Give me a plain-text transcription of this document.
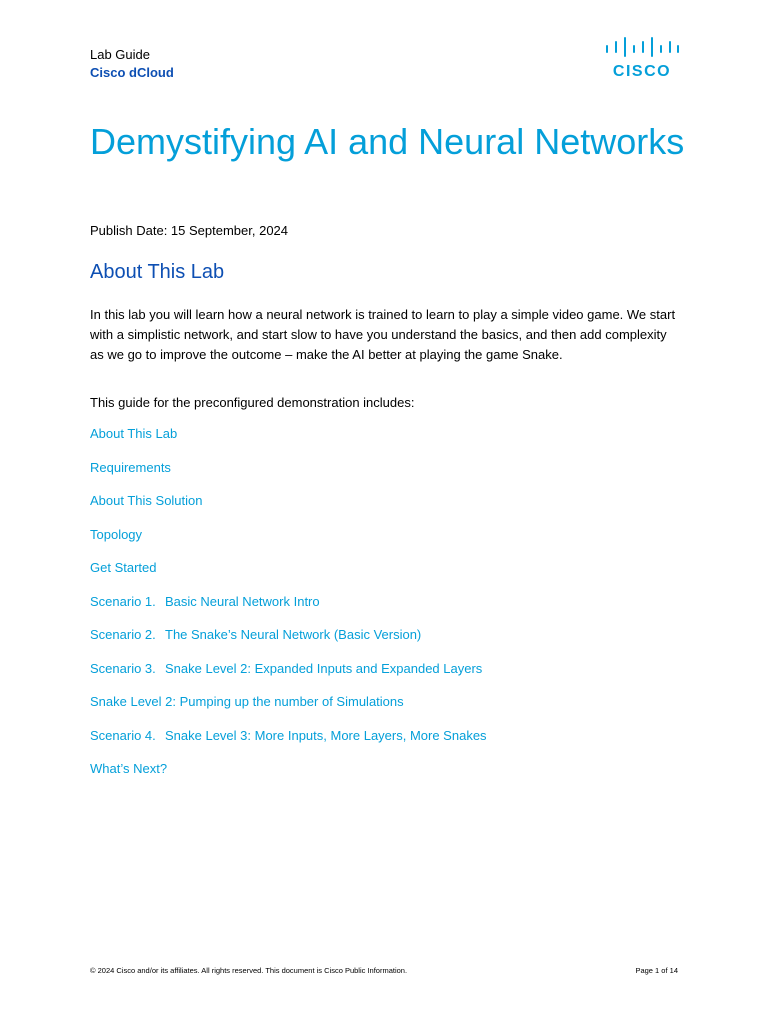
Lab Guide
Cisco dCloud	CISCO
Demystifying AI and Neural Networks
Publish Date: 15 September, 2024
About This Lab

In this lab you will learn how a neural network is trained to learn to play a simple video game. We start with a simplistic network, and start slow to have you understand the basics, and then add complexity as we go to improve the outcome – make the AI better at playing the game Snake.

This guide for the preconfigured demonstration includes:
About This Lab
Requirements
About This Solution
Topology
Get Started
Scenario 1. Basic Neural Network Intro
Scenario 2. The Snake’s Neural Network (Basic Version)
Scenario 3. Snake Level 2: Expanded Inputs and Expanded Layers
Snake Level 2: Pumping up the number of Simulations
Scenario 4. Snake Level 3: More Inputs, More Layers, More Snakes
What’s Next?
© 2024 Cisco and/or its affiliates. All rights reserved. This document is Cisco Public Information.	Page 1 of 14
